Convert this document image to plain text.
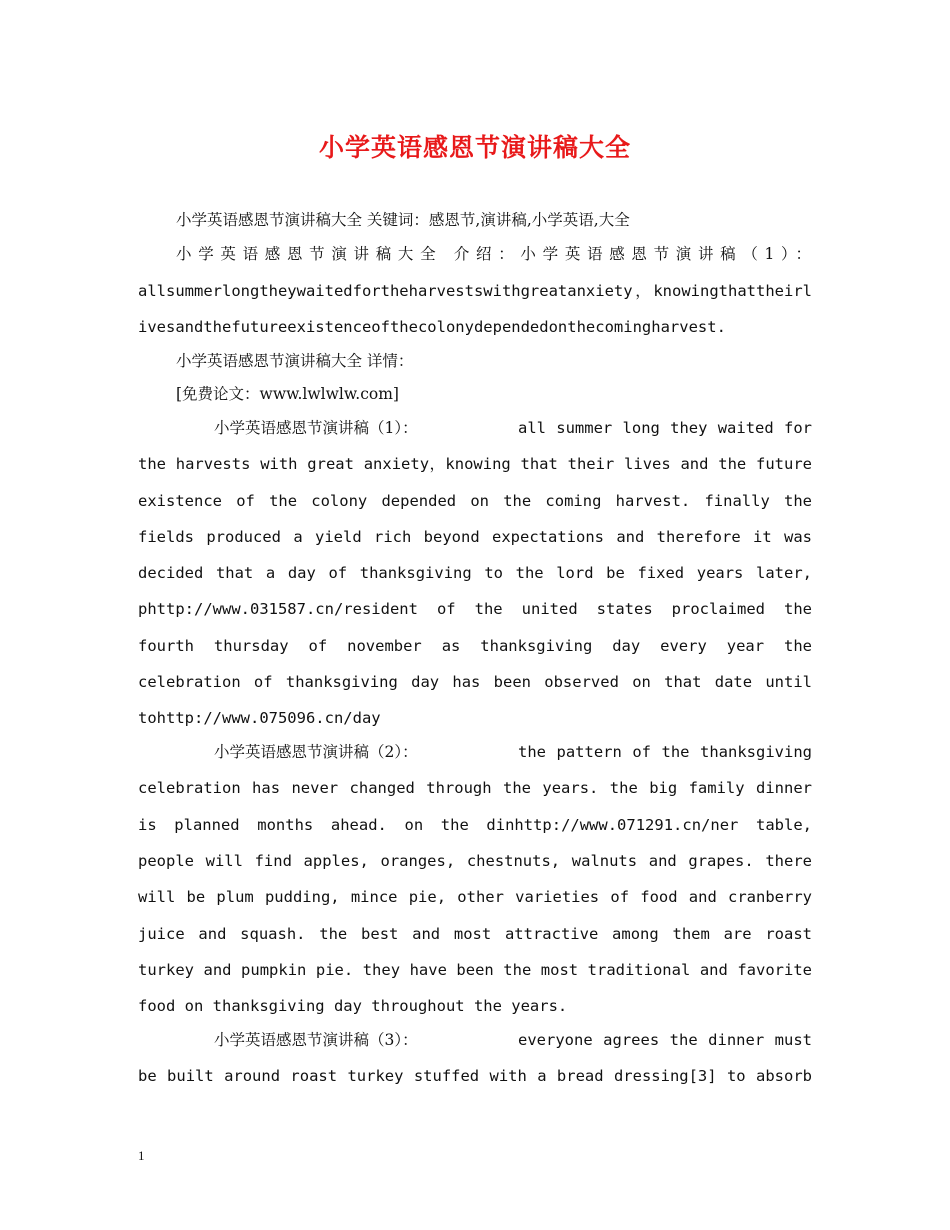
小学英语感恩节演讲稿大全
小学英语感恩节演讲稿大全 关键词：感恩节,演讲稿,小学英语,大全
小学英语感恩节演讲稿大全 介绍：小学英语感恩节演讲稿（1）：
allsummerlongtheywaitedfortheharvestswithgreatanxiety，knowingthattheirl
ivesandthefutureexistenceofthecolonydependedonthecomingharvest.
小学英语感恩节演讲稿大全 详情：
[免费论文：www.lwlwlw.com]
小学英语感恩节演讲稿（1）：	all summer long they waited for
the harvests with great anxiety，knowing that their lives and the future
existence of the colony depended on the coming harvest. finally the
fields produced a yield rich beyond expectations and therefore it was
decided that a day of thanksgiving to the lord be fixed years later,
phttp://www.031587.cn/resident of the united states proclaimed the
fourth thursday of november as thanksgiving day every year the
celebration of thanksgiving day has been observed on that date until
tohttp://www.075096.cn/day
小学英语感恩节演讲稿（2）：	the pattern of the thanksgiving
celebration has never changed through the years. the big family dinner
is planned months ahead. on the dinhttp://www.071291.cn/ner table,
people will find apples, oranges, chestnuts, walnuts and grapes. there
will be plum pudding, mince pie, other varieties of food and cranberry
juice and squash. the best and most attractive among them are roast
turkey and pumpkin pie. they have been the most traditional and favorite
food on thanksgiving day throughout the years.
小学英语感恩节演讲稿（3）：	everyone agrees the dinner must
be built around roast turkey stuffed with a bread dressing[3] to absorb
1
